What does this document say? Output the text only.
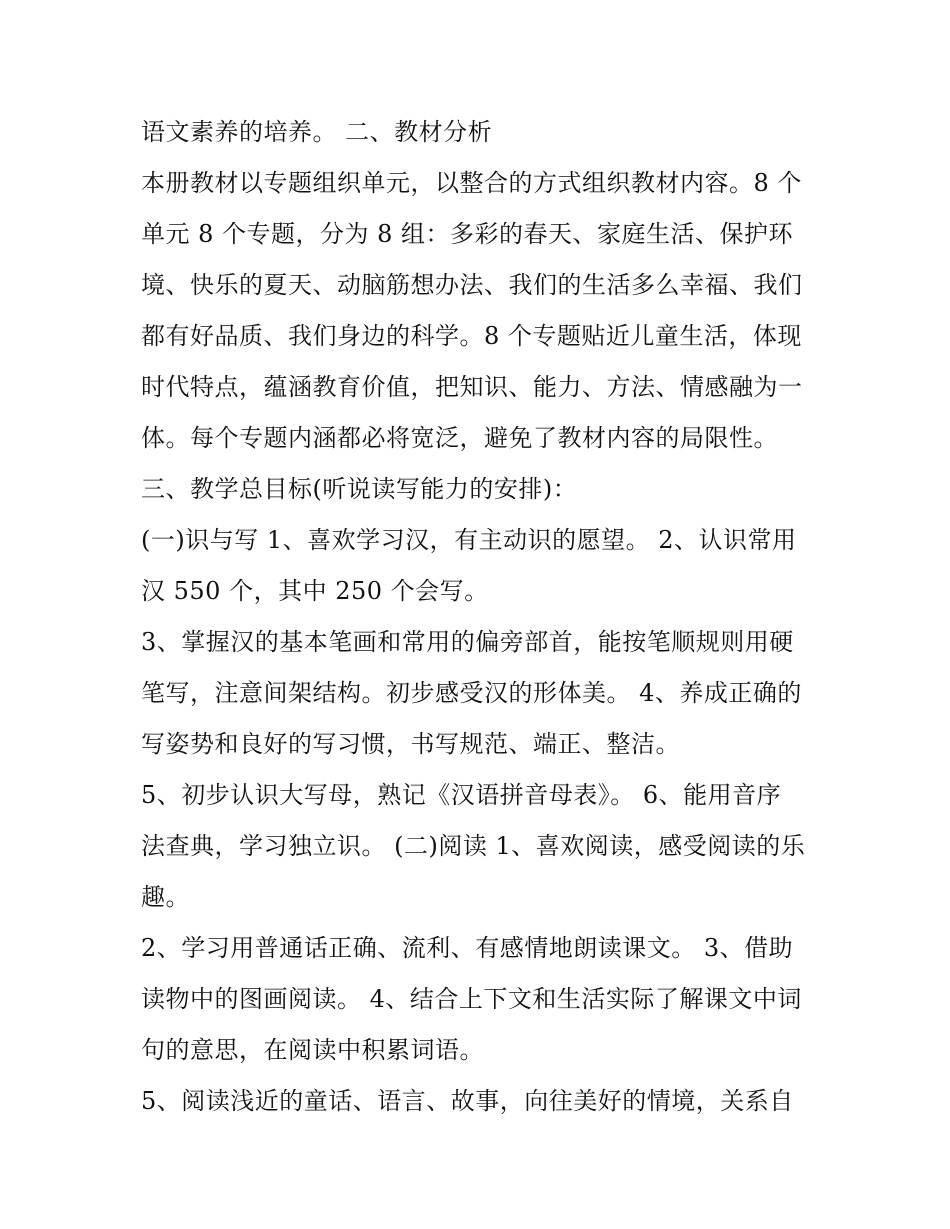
语文素养的培养。 二、教材分析
本册教材以专题组织单元，以整合的方式组织教材内容。8 个
单元 8 个专题，分为 8 组：多彩的春天、家庭生活、保护环
境、快乐的夏天、动脑筋想办法、我们的生活多么幸福、我们
都有好品质、我们身边的科学。8 个专题贴近儿童生活，体现
时代特点，蕴涵教育价值，把知识、能力、方法、情感融为一
体。每个专题内涵都必将宽泛，避免了教材内容的局限性。
三、教学总目标(听说读写能力的安排)：
(一)识与写 1、喜欢学习汉，有主动识的愿望。 2、认识常用
汉 550 个，其中 250 个会写。
3、掌握汉的基本笔画和常用的偏旁部首，能按笔顺规则用硬
笔写，注意间架结构。初步感受汉的形体美。 4、养成正确的
写姿势和良好的写习惯，书写规范、端正、整洁。
5、初步认识大写母，熟记《汉语拼音母表》。 6、能用音序
法查典，学习独立识。 (二)阅读 1、喜欢阅读，感受阅读的乐
趣。
2、学习用普通话正确、流利、有感情地朗读课文。 3、借助
读物中的图画阅读。 4、结合上下文和生活实际了解课文中词
句的意思，在阅读中积累词语。
5、阅读浅近的童话、语言、故事，向往美好的情境，关系自
